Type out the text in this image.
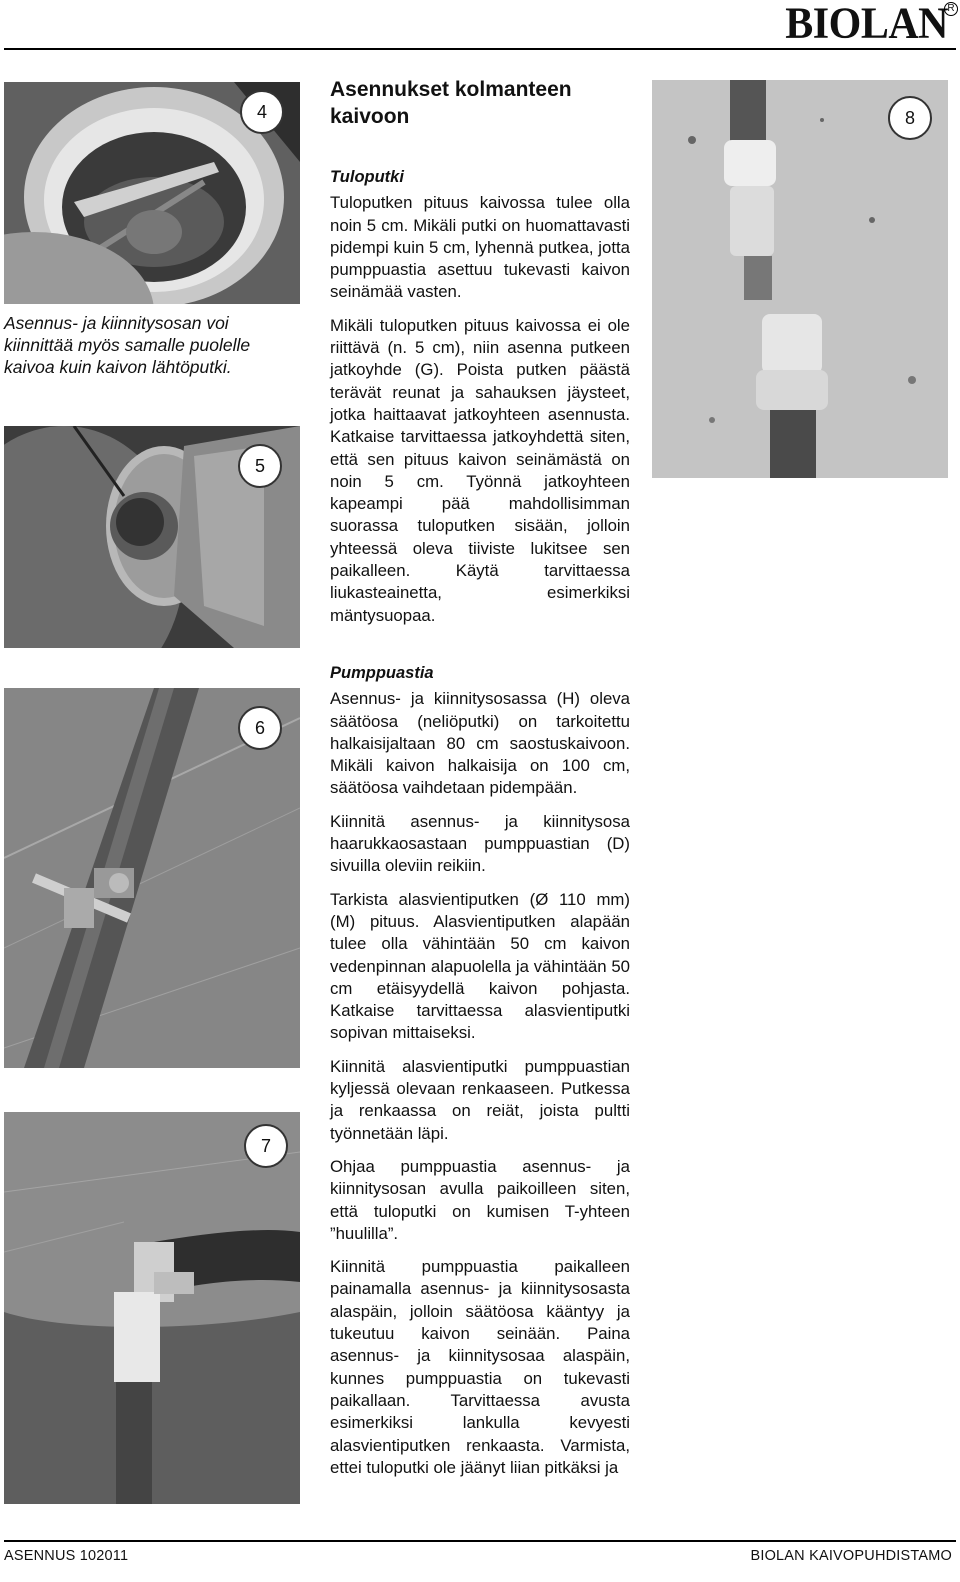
BIOLAN R
4
Asennus- ja kiinnitysosan voi kiinnittää myös samalle puolelle kaivoa kuin kaivon lähtöputki.
5
6
7
8
Asennukset kolmanteen kaivoon
Tuloputki

Tuloputken pituus kaivossa tulee olla noin 5 cm. Mikäli putki on huomattavasti pidempi kuin 5 cm, lyhennä putkea, jotta pumppuastia asettuu tukevasti kaivon seinämää vasten.

Mikäli tuloputken pituus kaivossa ei ole riittävä (n. 5 cm), niin asenna putkeen jatkoyhde (G). Poista putken päästä terävät reunat ja sahauksen jäysteet, jotka haittaavat jatkoyhteen asennusta. Katkaise tarvittaessa jatkoyhdettä siten, että sen pituus kaivon seinämästä on noin 5 cm. Työnnä jatkoyhteen kapeampi pää mahdollisimman suorassa tuloputken sisään, jolloin yhteessä oleva tiiviste lukitsee sen paikalleen. Käytä tarvittaessa liukasteainetta, esimerkiksi mäntysuopaa.

Pumppuastia

Asennus- ja kiinnitysosassa (H) oleva säätöosa (neliöputki) on tarkoitettu halkaisijaltaan 80 cm saostuskaivoon. Mikäli kaivon halkaisija on 100 cm, säätöosa vaihdetaan pidempään.

Kiinnitä asennus- ja kiinnitysosa haarukkaosastaan pumppuastian (D) sivuilla oleviin reikiin.

Tarkista alasvientiputken (Ø 110 mm) (M) pituus. Alasvientiputken alapään tulee olla vähintään 50 cm kaivon vedenpinnan alapuolella ja vähintään 50 cm etäisyydellä kaivon pohjasta. Katkaise tarvittaessa alasvientiputki sopivan mittaiseksi.

Kiinnitä alasvientiputki pumppuastian kyljessä olevaan renkaaseen. Putkessa ja renkaassa on reiät, joista pultti työnnetään läpi.

Ohjaa pumppuastia asennus- ja kiinnitysosan avulla paikoilleen siten, että tuloputki on kumisen T-yhteen ”huulilla”.

Kiinnitä pumppuastia paikalleen painamalla asennus- ja kiinnitysosasta alaspäin, jolloin säätöosa kääntyy ja tukeutuu kaivon seinään. Paina asennus- ja kiinnitysosaa alaspäin, kunnes pumppuastia on tukevasti paikallaan. Tarvittaessa avusta esimerkiksi lankulla kevyesti alasvientiputken renkaasta. Varmista, ettei tuloputki ole jäänyt liian pitkäksi ja

ASENNUS 102011	BIOLAN KAIVOPUHDISTAMO
